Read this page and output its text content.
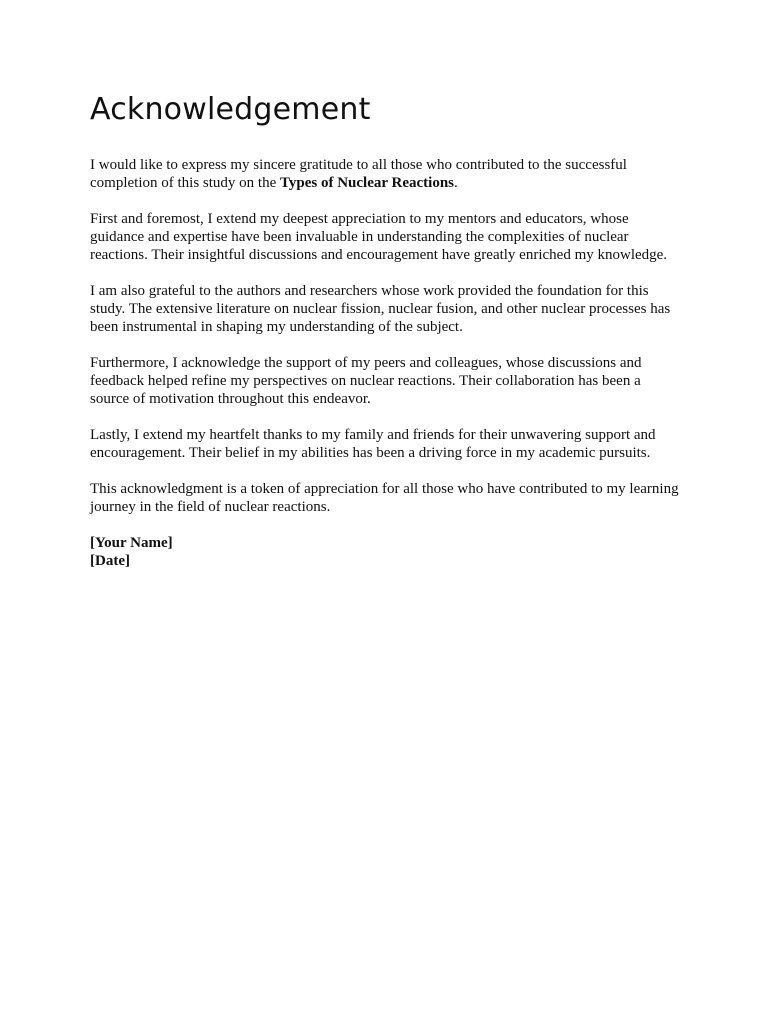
Acknowledgement

I would like to express my sincere gratitude to all those who contributed to the successful completion of this study on the Types of Nuclear Reactions.

First and foremost, I extend my deepest appreciation to my mentors and educators, whose guidance and expertise have been invaluable in understanding the complexities of nuclear reactions. Their insightful discussions and encouragement have greatly enriched my knowledge.

I am also grateful to the authors and researchers whose work provided the foundation for this study. The extensive literature on nuclear fission, nuclear fusion, and other nuclear processes has been instrumental in shaping my understanding of the subject.

Furthermore, I acknowledge the support of my peers and colleagues, whose discussions and feedback helped refine my perspectives on nuclear reactions. Their collaboration has been a source of motivation throughout this endeavor.

Lastly, I extend my heartfelt thanks to my family and friends for their unwavering support and encouragement. Their belief in my abilities has been a driving force in my academic pursuits.

This acknowledgment is a token of appreciation for all those who have contributed to my learning journey in the field of nuclear reactions.

[Your Name]

[Date]
